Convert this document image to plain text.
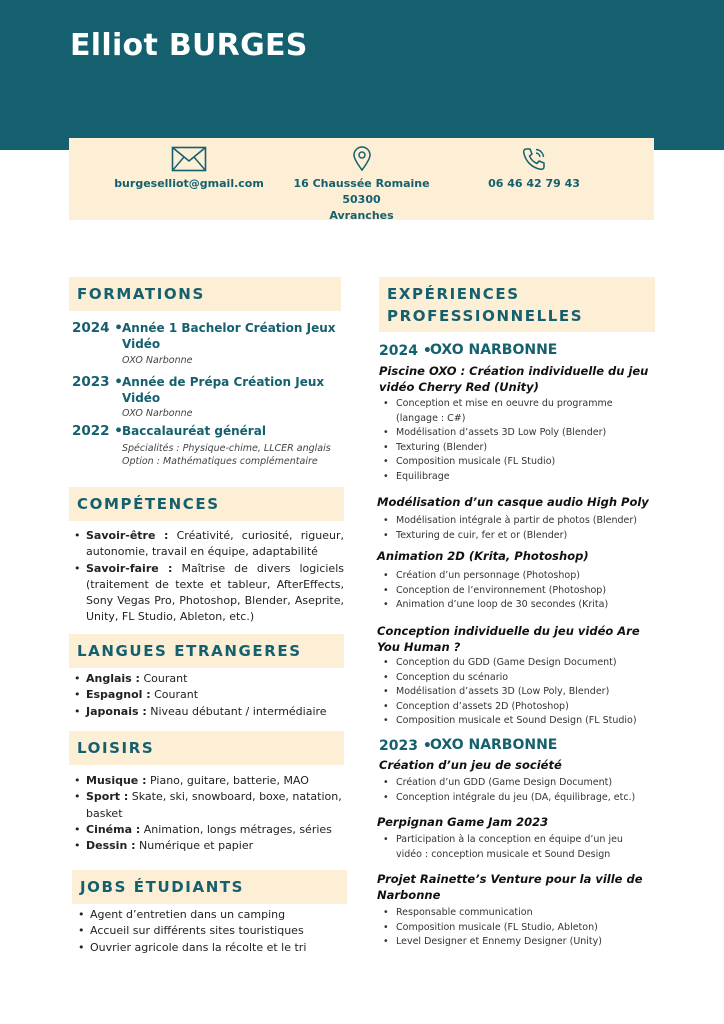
Elliot BURGES
burgeselliot@gmail.com	16 Chaussée Romaine 50300
Avranches
06 46 42 79 43
FORMATIONS
2024 • Année 1 Bachelor Création Jeux
Vidéo
OXO Narbonne
2023 • Année de Prépa Création Jeux
Vidéo
OXO Narbonne
2022 • Baccalauréat général
Spécialités : Physique-chime, LLCER anglais
Option : Mathématiques complémentaire
COMPÉTENCES
• Savoir-être : Créativité, curiosité, rigueur, autonomie, travail en équipe, adaptabilité
• Savoir-faire : Maîtrise de divers logiciels (traitement de texte et tableur, AfterEffects, Sony Vegas Pro, Photoshop, Blender, Aseprite, Unity, FL Studio, Ableton, etc.)
LANGUES ETRANGERES
• Anglais : Courant
• Espagnol : Courant
• Japonais : Niveau débutant / intermédiaire
LOISIRS
• Musique : Piano, guitare, batterie, MAO
• Sport : Skate, ski, snowboard, boxe, natation, basket
• Cinéma : Animation, longs métrages, séries
• Dessin : Numérique et papier
JOBS ÉTUDIANTS
• Agent d’entretien dans un camping
• Accueil sur différents sites touristiques
• Ouvrier agricole dans la récolte et le tri
EXPÉRIENCES
PROFESSIONNELLES
2024 •
OXO NARBONNE
Piscine OXO : Création individuelle du jeu
vidéo Cherry Red (Unity)
• Conception et mise en oeuvre du programme
(langage : C#)
• Modélisation d’assets 3D Low Poly (Blender)
• Texturing (Blender)
• Composition musicale (FL Studio)
• Equilibrage
Modélisation d’un casque audio High Poly
• Modélisation intégrale à partir de photos (Blender)
• Texturing de cuir, fer et or (Blender)
Animation 2D (Krita, Photoshop)
• Création d’un personnage (Photoshop)
• Conception de l’environnement (Photoshop)
• Animation d’une loop de 30 secondes (Krita)
Conception individuelle du jeu vidéo Are
You Human ?
• Conception du GDD (Game Design Document)
• Conception du scénario
• Modélisation d’assets 3D (Low Poly, Blender)
• Conception d’assets 2D (Photoshop)
• Composition musicale et Sound Design (FL Studio)
2023 •
OXO NARBONNE
Création d’un jeu de société
• Création d’un GDD (Game Design Document)
• Conception intégrale du jeu (DA, équilibrage, etc.)
Perpignan Game Jam 2023
• Participation à la conception en équipe d’un jeu
vidéo : conception musicale et Sound Design
Projet Rainette’s Venture pour la ville de
Narbonne
• Responsable communication
• Composition musicale (FL Studio, Ableton)
• Level Designer et Ennemy Designer (Unity)
